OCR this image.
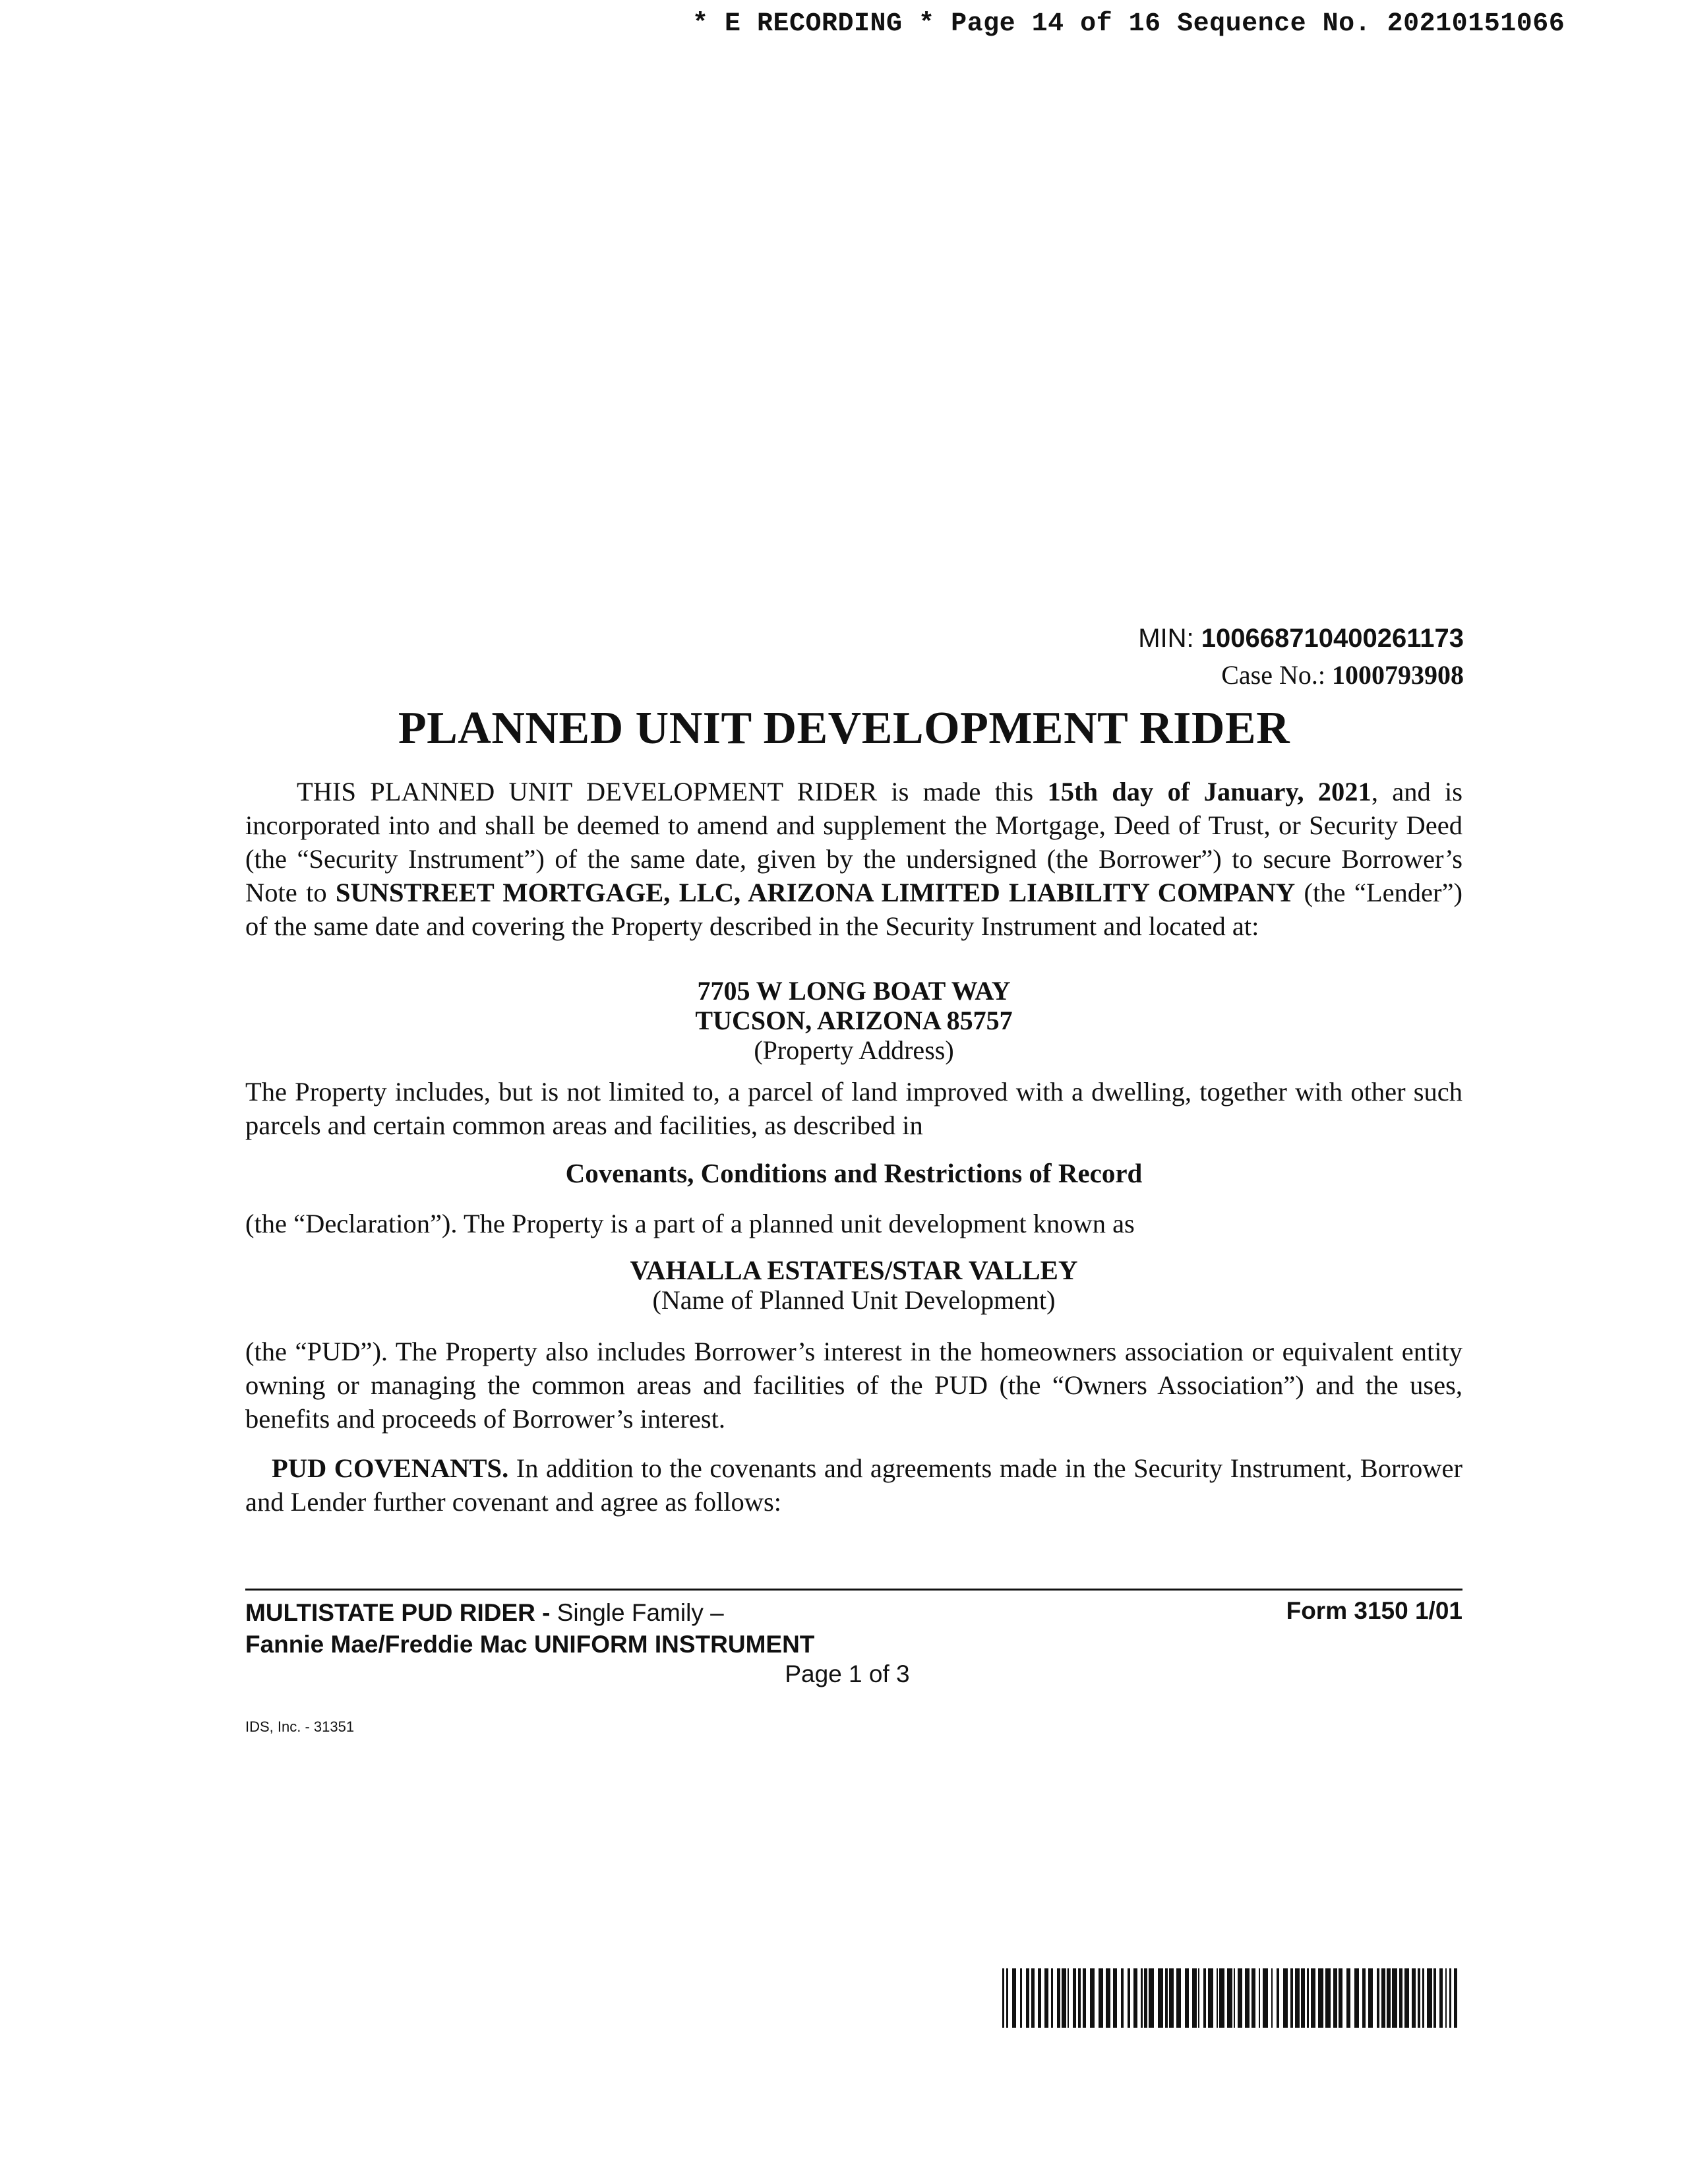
* E RECORDING * Page 14 of 16 Sequence No. 20210151066
MIN: 100668710400261173
Case No.: 1000793908
PLANNED UNIT DEVELOPMENT RIDER
THIS PLANNED UNIT DEVELOPMENT RIDER is made this 15th day of January, 2021, and is incorporated into and shall be deemed to amend and supplement the Mortgage, Deed of Trust, or Security Deed (the “Security Instrument”) of the same date, given by the undersigned (the Borrower”) to secure Borrower’s Note to SUNSTREET MORTGAGE, LLC, ARIZONA LIMITED LIABILITY COMPANY (the “Lender”) of the same date and covering the Property described in the Security Instrument and located at:
7705 W LONG BOAT WAY
TUCSON, ARIZONA 85757
(Property Address)
The Property includes, but is not limited to, a parcel of land improved with a dwelling, together with other such parcels and certain common areas and facilities, as described in
Covenants, Conditions and Restrictions of Record
(the “Declaration”). The Property is a part of a planned unit development known as
VAHALLA ESTATES/STAR VALLEY
(Name of Planned Unit Development)
(the “PUD”). The Property also includes Borrower’s interest in the homeowners association or equivalent entity owning or managing the common areas and facilities of the PUD (the “Owners Association”) and the uses, benefits and proceeds of Borrower’s interest.
PUD COVENANTS. In addition to the covenants and agreements made in the Security Instrument, Borrower and Lender further covenant and agree as follows:
MULTISTATE PUD RIDER - Single Family –
Fannie Mae/Freddie Mac UNIFORM INSTRUMENT
Form 3150 1/01
Page 1 of 3
IDS, Inc. - 31351
